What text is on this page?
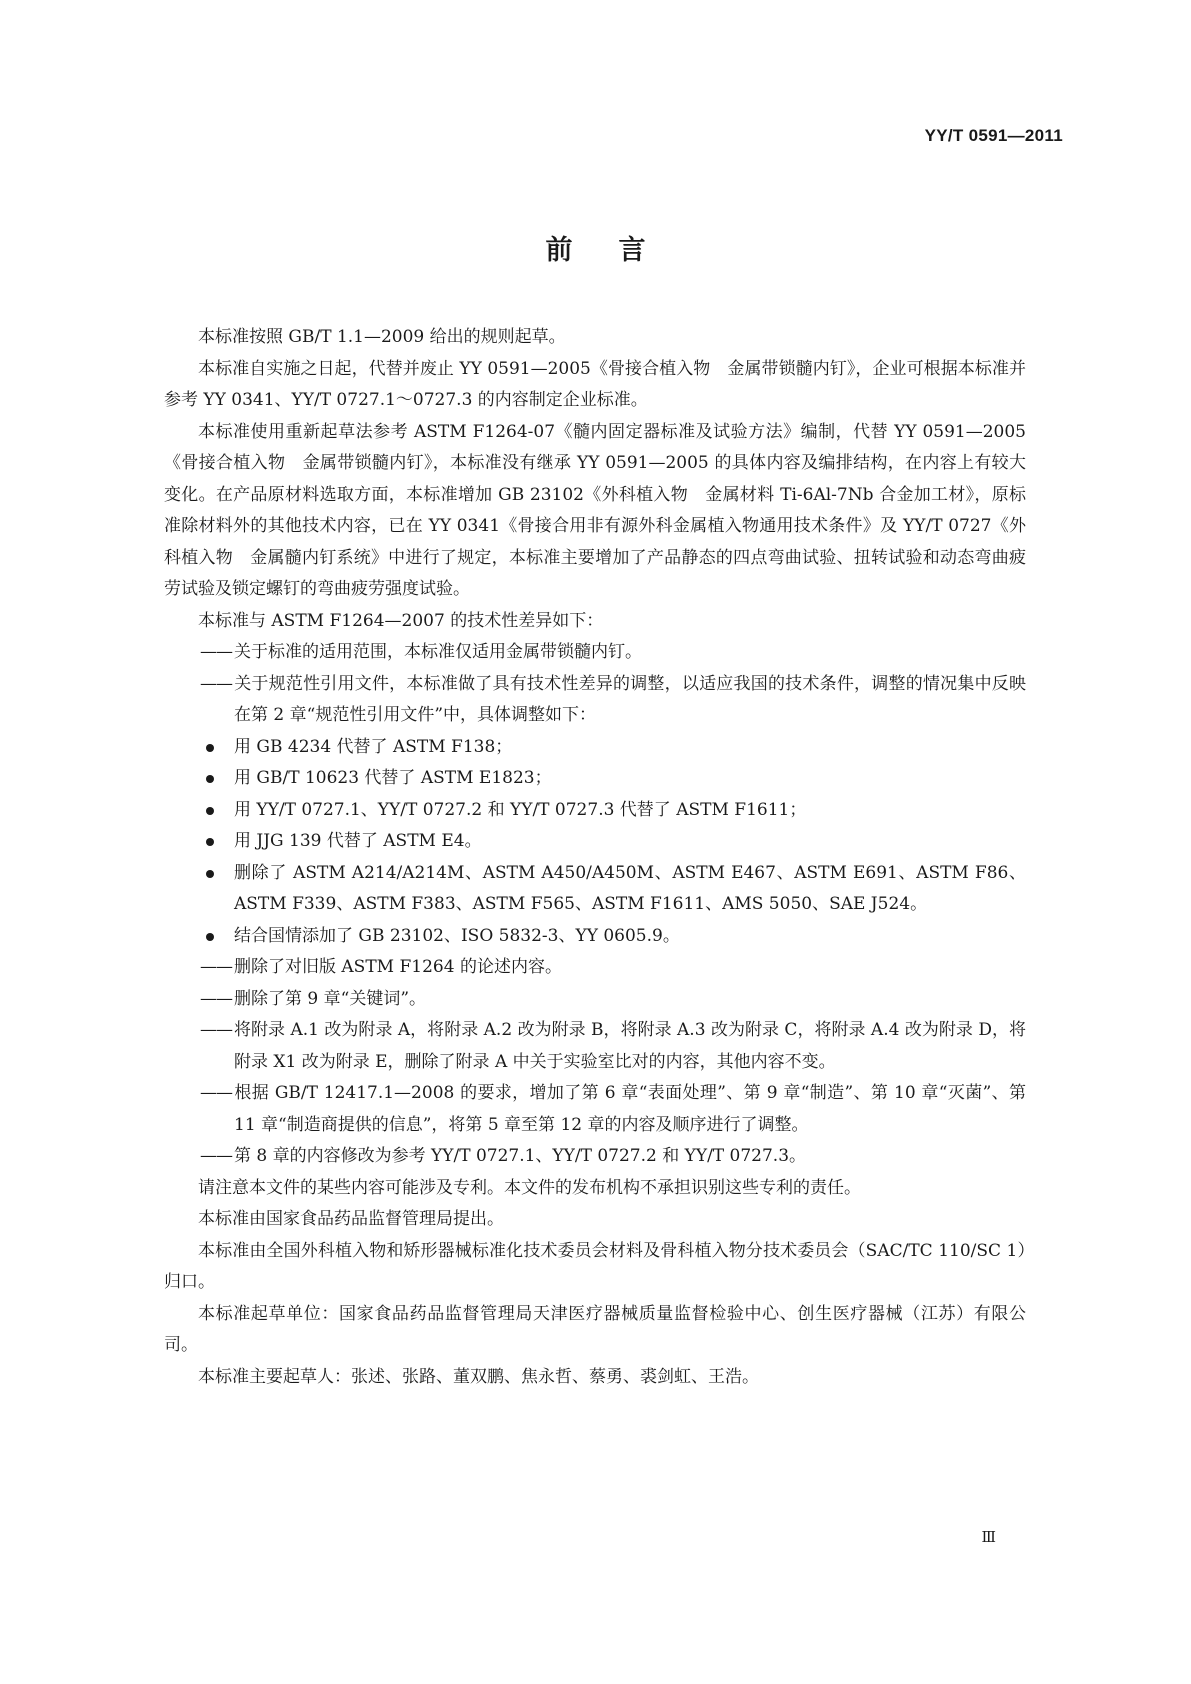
YY/T 0591—2011
前言

本标准按照 GB/T 1.1—2009 给出的规则起草。

本标准自实施之日起，代替并废止 YY 0591—2005《骨接合植入物　金属带锁髓内钉》，企业可根据本标准并参考 YY 0341、YY/T 0727.1～0727.3 的内容制定企业标准。

本标准使用重新起草法参考 ASTM F1264-07《髓内固定器标准及试验方法》编制，代替 YY 0591—2005《骨接合植入物　金属带锁髓内钉》，本标准没有继承 YY 0591—2005 的具体内容及编排结构，在内容上有较大变化。在产品原材料选取方面，本标准增加 GB 23102《外科植入物　金属材料 Ti-6Al-7Nb 合金加工材》，原标准除材料外的其他技术内容，已在 YY 0341《骨接合用非有源外科金属植入物通用技术条件》及 YY/T 0727《外科植入物　金属髓内钉系统》中进行了规定，本标准主要增加了产品静态的四点弯曲试验、扭转试验和动态弯曲疲劳试验及锁定螺钉的弯曲疲劳强度试验。

本标准与 ASTM F1264—2007 的技术性差异如下：

—— 关于标准的适用范围，本标准仅适用金属带锁髓内钉。

—— 关于规范性引用文件，本标准做了具有技术性差异的调整，以适应我国的技术条件，调整的情况集中反映在第 2 章“规范性引用文件”中，具体调整如下：

用 GB 4234 代替了 ASTM F138；

用 GB/T 10623 代替了 ASTM E1823；

用 YY/T 0727.1、YY/T 0727.2 和 YY/T 0727.3 代替了 ASTM F1611；

用 JJG 139 代替了 ASTM E4。

删除了 ASTM A214/A214M、ASTM A450/A450M、ASTM E467、ASTM E691、ASTM F86、ASTM F339、ASTM F383、ASTM F565、ASTM F1611、AMS 5050、SAE J524。

结合国情添加了 GB 23102、ISO 5832-3、YY 0605.9。

—— 删除了对旧版 ASTM F1264 的论述内容。

—— 删除了第 9 章“关键词”。

—— 将附录 A.1 改为附录 A，将附录 A.2 改为附录 B，将附录 A.3 改为附录 C，将附录 A.4 改为附录 D，将附录 X1 改为附录 E，删除了附录 A 中关于实验室比对的内容，其他内容不变。

—— 根据 GB/T 12417.1—2008 的要求，增加了第 6 章“表面处理”、第 9 章“制造”、第 10 章“灭菌”、第 11 章“制造商提供的信息”，将第 5 章至第 12 章的内容及顺序进行了调整。

—— 第 8 章的内容修改为参考 YY/T 0727.1、YY/T 0727.2 和 YY/T 0727.3。

请注意本文件的某些内容可能涉及专利。本文件的发布机构不承担识别这些专利的责任。

本标准由国家食品药品监督管理局提出。

本标准由全国外科植入物和矫形器械标准化技术委员会材料及骨科植入物分技术委员会（SAC/TC 110/SC 1）归口。

本标准起草单位：国家食品药品监督管理局天津医疗器械质量监督检验中心、创生医疗器械（江苏）有限公司。

本标准主要起草人：张述、张路、董双鹏、焦永哲、蔡勇、裘剑虹、王浩。

Ⅲ
